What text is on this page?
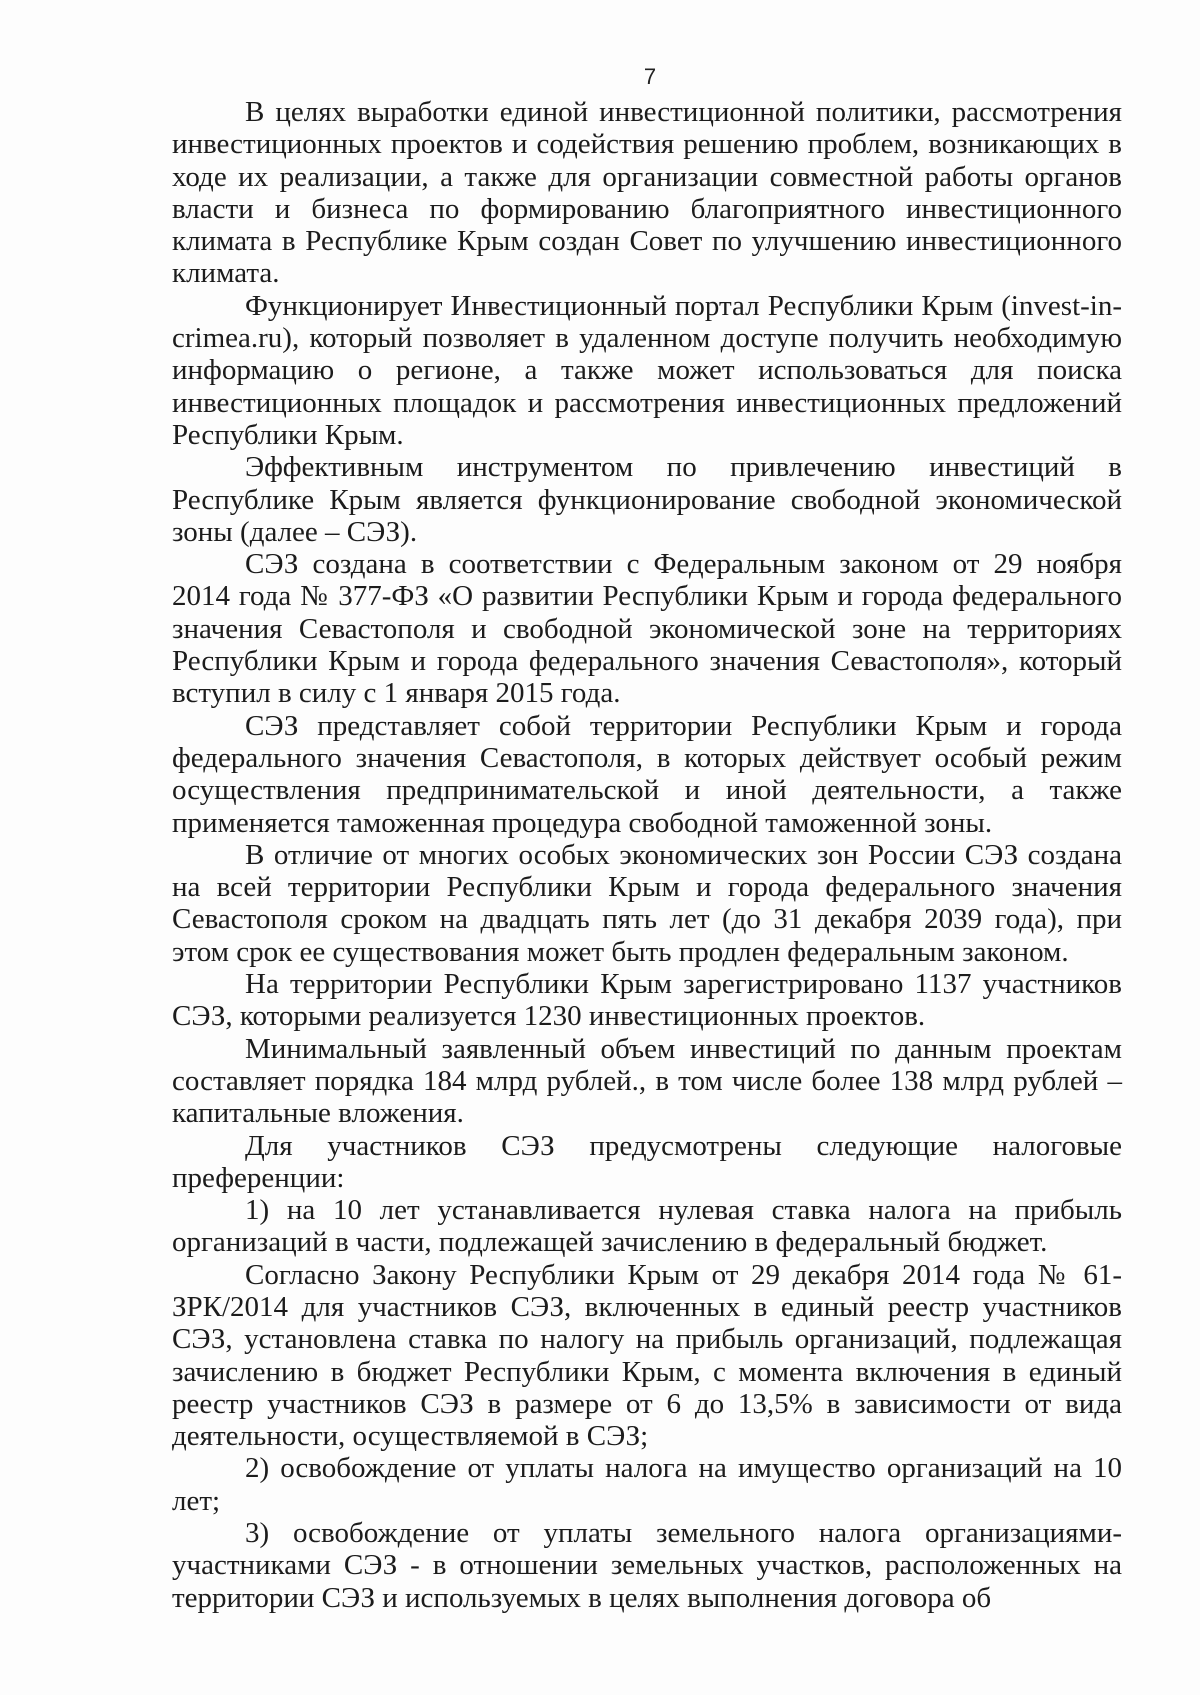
7

В целях выработки единой инвестиционной политики, рассмотрения инвестиционных проектов и содействия решению проблем, возникающих в ходе их реализации, а также для организации совместной работы органов власти и бизнеса по формированию благоприятного инвестиционного климата в Республике Крым создан Совет по улучшению инвестиционного климата.

Функционирует Инвестиционный портал Республики Крым (invest-in-crimea.ru), который позволяет в удаленном доступе получить необходимую информацию о регионе, а также может использоваться для поиска инвестиционных площадок и рассмотрения инвестиционных предложений Республики Крым.

Эффективным инструментом по привлечению инвестиций в Республике Крым является функционирование свободной экономической зоны (далее – СЭЗ).

СЭЗ создана в соответствии с Федеральным законом от 29 ноября 2014 года № 377-ФЗ «О развитии Республики Крым и города федерального значения Севастополя и свободной экономической зоне на территориях Республики Крым и города федерального значения Севастополя», который вступил в силу с 1 января 2015 года.

СЭЗ представляет собой территории Республики Крым и города федерального значения Севастополя, в которых действует особый режим осуществления предпринимательской и иной деятельности, а также применяется таможенная процедура свободной таможенной зоны.

В отличие от многих особых экономических зон России СЭЗ создана на всей территории Республики Крым и города федерального значения Севастополя сроком на двадцать пять лет (до 31 декабря 2039 года), при этом срок ее существования может быть продлен федеральным законом.

На территории Республики Крым зарегистрировано 1137 участников СЭЗ, которыми реализуется 1230 инвестиционных проектов.

Минимальный заявленный объем инвестиций по данным проектам составляет порядка 184 млрд рублей., в том числе более 138 млрд рублей – капитальные вложения.

Для участников СЭЗ предусмотрены следующие налоговые преференции:

1) на 10 лет устанавливается нулевая ставка налога на прибыль организаций в части, подлежащей зачислению в федеральный бюджет.

Согласно Закону Республики Крым от 29 декабря 2014 года № 61-ЗРК/2014 для участников СЭЗ, включенных в единый реестр участников СЭЗ, установлена ставка по налогу на прибыль организаций, подлежащая зачислению в бюджет Республики Крым, с момента включения в единый реестр участников СЭЗ в размере от 6 до 13,5% в зависимости от вида деятельности, осуществляемой в СЭЗ;

2) освобождение от уплаты налога на имущество организаций на 10 лет;

3) освобождение от уплаты земельного налога организациями-участниками СЭЗ - в отношении земельных участков, расположенных на территории СЭЗ и используемых в целях выполнения договора об
